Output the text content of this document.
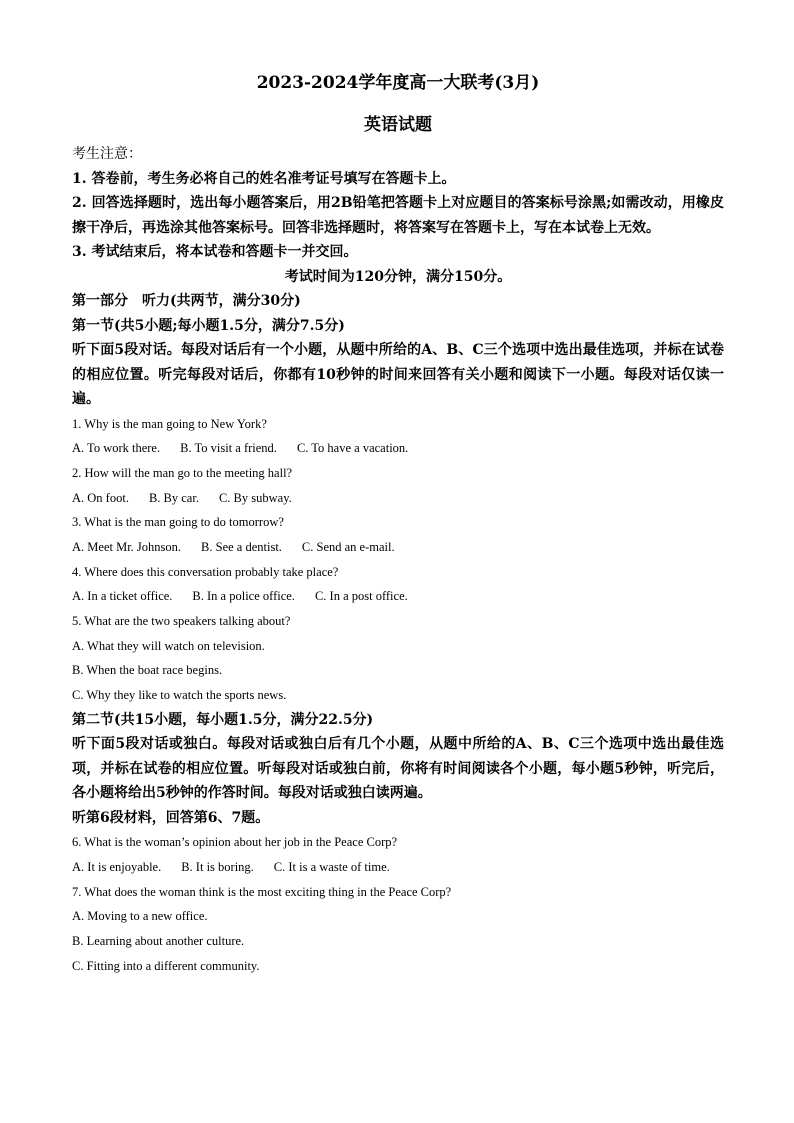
2023-2024学年度高一大联考(3月)
英语试题
考生注意：
1. 答卷前，考生务必将自己的姓名准考证号填写在答题卡上。
2. 回答选择题时，选出每小题答案后，用2B铅笔把答题卡上对应题目的答案标号涂黑;如需改动，用橡皮擦干净后，再选涂其他答案标号。回答非选择题时，将答案写在答题卡上，写在本试卷上无效。
3. 考试结束后，将本试卷和答题卡一并交回。
考试时间为120分钟，满分150分。
第一部分　听力(共两节，满分30分)
第一节(共5小题;每小题1.5分，满分7.5分)
听下面5段对话。每段对话后有一个小题，从题中所给的A、B、C三个选项中选出最佳选项，并标在试卷的相应位置。听完每段对话后，你都有10秒钟的时间来回答有关小题和阅读下一小题。每段对话仅读一遍。
1. Why is the man going to New York?
A. To work there. B. To visit a friend. C. To have a vacation.
2. How will the man go to the meeting hall?
A. On foot. B. By car. C. By subway.
3. What is the man going to do tomorrow?
A. Meet Mr. Johnson. B. See a dentist. C. Send an e-mail.
4. Where does this conversation probably take place?
A. In a ticket office. B. In a police office. C. In a post office.
5. What are the two speakers talking about?
A. What they will watch on television.
B. When the boat race begins.
C. Why they like to watch the sports news.
第二节(共15小题，每小题1.5分，满分22.5分)
听下面5段对话或独白。每段对话或独白后有几个小题，从题中所给的A、B、C三个选项中选出最佳选项，并标在试卷的相应位置。听每段对话或独白前，你将有时间阅读各个小题，每小题5秒钟，听完后，各小题将给出5秒钟的作答时间。每段对话或独白读两遍。
听第6段材料，回答第6、7题。
6. What is the woman’s opinion about her job in the Peace Corp?
A. It is enjoyable. B. It is boring. C. It is a waste of time.
7. What does the woman think is the most exciting thing in the Peace Corp?
A. Moving to a new office.
B. Learning about another culture.
C. Fitting into a different community.
